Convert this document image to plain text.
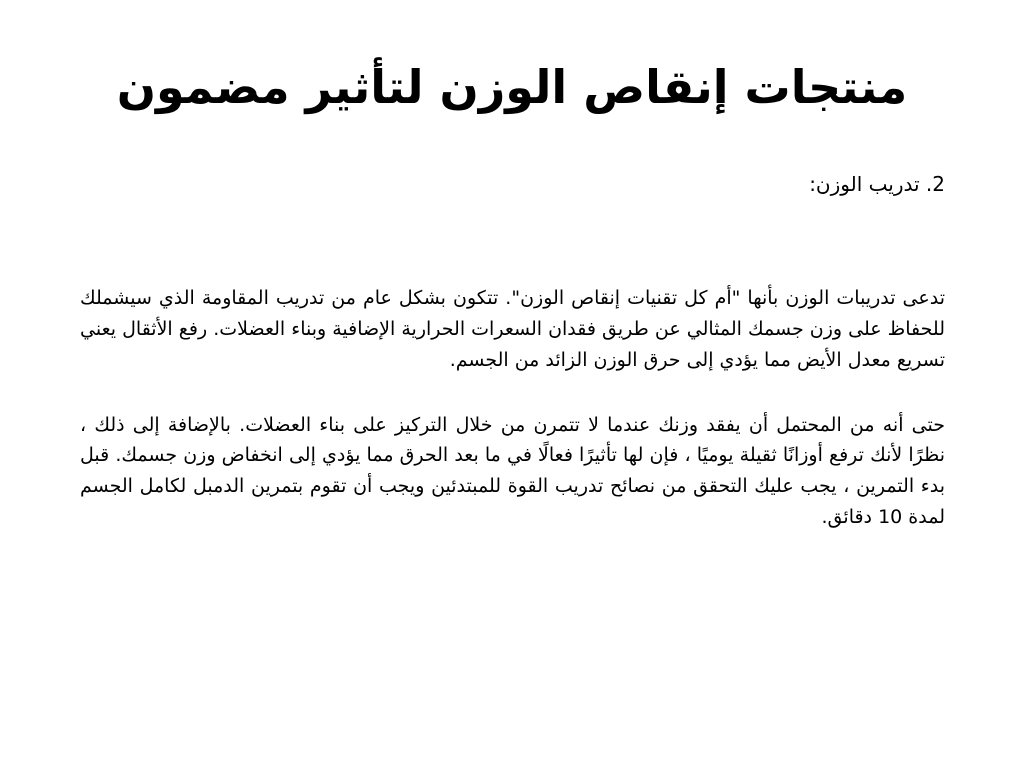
منتجات إنقاص الوزن لتأثير مضمون

2. تدريب الوزن:

تدعى تدريبات الوزن بأنها "أم كل تقنيات إنقاص الوزن". تتكون بشكل عام من تدريب المقاومة الذي سيشملك للحفاظ على وزن جسمك المثالي عن طريق فقدان السعرات الحرارية الإضافية وبناء العضلات. رفع الأثقال يعني تسريع معدل الأيض مما يؤدي إلى حرق الوزن الزائد من الجسم.

حتى أنه من المحتمل أن يفقد وزنك عندما لا تتمرن من خلال التركيز على بناء العضلات. بالإضافة إلى ذلك ، نظرًا لأنك ترفع أوزانًا ثقيلة يوميًا ، فإن لها تأثيرًا فعالًا في ما بعد الحرق مما يؤدي إلى انخفاض وزن جسمك. قبل بدء التمرين ، يجب عليك التحقق من نصائح تدريب القوة للمبتدئين ويجب أن تقوم بتمرين الدمبل لكامل الجسم لمدة 10 دقائق.
